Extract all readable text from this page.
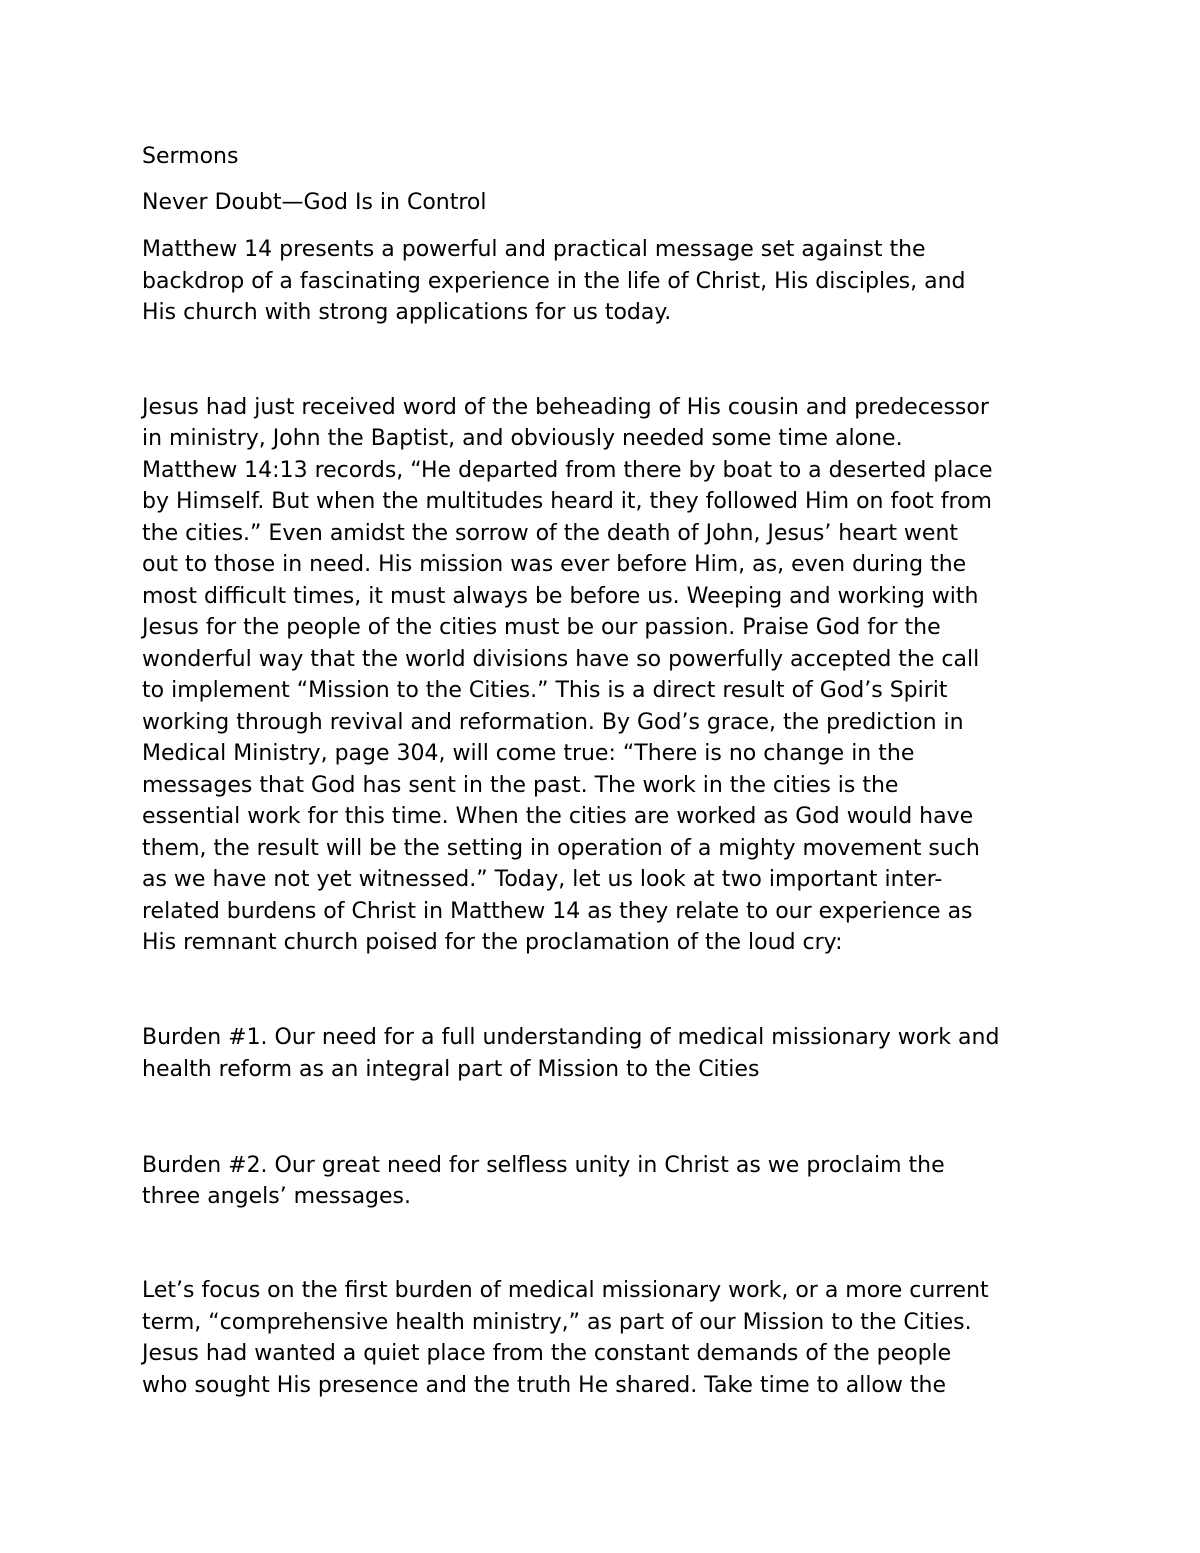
Sermons

Never Doubt—God Is in Control

Matthew 14 presents a powerful and practical message set against the

backdrop of a fascinating experience in the life of Christ, His disciples, and

His church with strong applications for us today.

Jesus had just received word of the beheading of His cousin and predecessor

in ministry, John the Baptist, and obviously needed some time alone.

Matthew 14:13 records, “He departed from there by boat to a deserted place

by Himself. But when the multitudes heard it, they followed Him on foot from

the cities.” Even amidst the sorrow of the death of John, Jesus’ heart went

out to those in need. His mission was ever before Him, as, even during the

most difficult times, it must always be before us. Weeping and working with

Jesus for the people of the cities must be our passion. Praise God for the

wonderful way that the world divisions have so powerfully accepted the call

to implement “Mission to the Cities.” This is a direct result of God’s Spirit

working through revival and reformation. By God’s grace, the prediction in

Medical Ministry, page 304, will come true: “There is no change in the

messages that God has sent in the past. The work in the cities is the

essential work for this time. When the cities are worked as God would have

them, the result will be the setting in operation of a mighty movement such

as we have not yet witnessed.” Today, let us look at two important inter-

related burdens of Christ in Matthew 14 as they relate to our experience as

His remnant church poised for the proclamation of the loud cry:

Burden #1. Our need for a full understanding of medical missionary work and

health reform as an integral part of Mission to the Cities

Burden #2. Our great need for selfless unity in Christ as we proclaim the

three angels’ messages.

Let’s focus on the first burden of medical missionary work, or a more current

term, “comprehensive health ministry,” as part of our Mission to the Cities.

Jesus had wanted a quiet place from the constant demands of the people

who sought His presence and the truth He shared. Take time to allow the
